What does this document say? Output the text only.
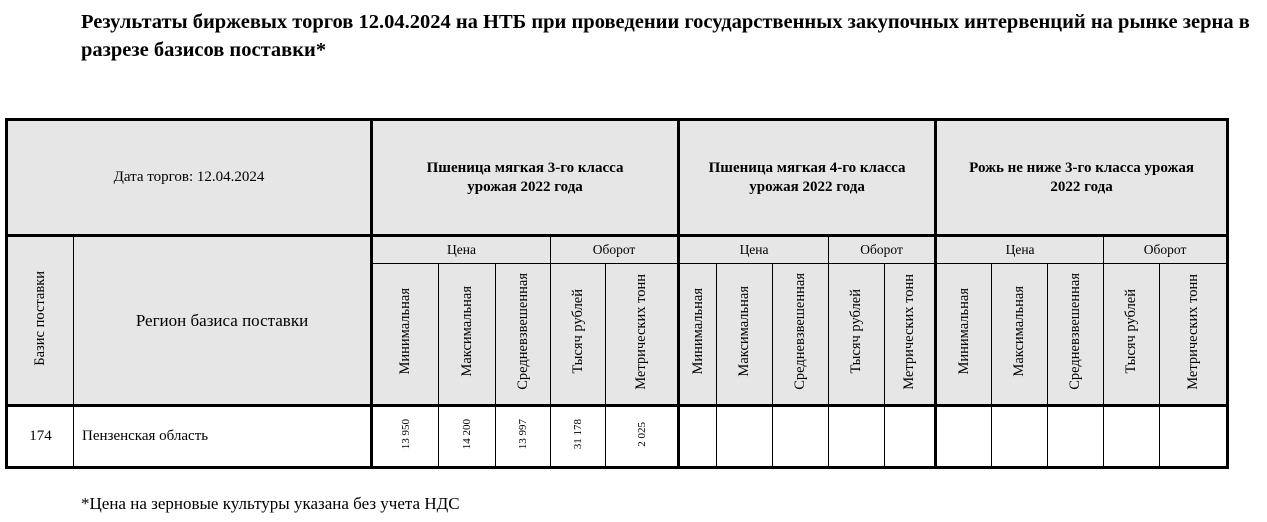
Результаты биржевых торгов 12.04.2024 на НТБ при проведении государственных закупочных интервенций на рынке зерна в разрезе базисов поставки*
Дата торгов: 12.04.2024		Пшеница мягкая 3-го класса урожая 2022 года					Пшеница мягкая 4-го класса урожая 2022 года					Рожь не ниже 3-го класса урожая 2022 года				
Базис поставки	Регион базиса поставки	Цена			Оборот		Цена			Оборот		Цена			Оборот	
		Минимальная	Максимальная	Средневзвешенная	Тысяч рублей	Метрических тонн	Минимальная	Максимальная	Средневзвешенная	Тысяч рублей	Метрических тонн	Минимальная	Максимальная	Средневзвешенная	Тысяч рублей	Метрических тонн
174	Пензенская область	13 950	14 200	13 997	31 178	2 025										

*Цена на зерновые культуры указана без учета НДС
